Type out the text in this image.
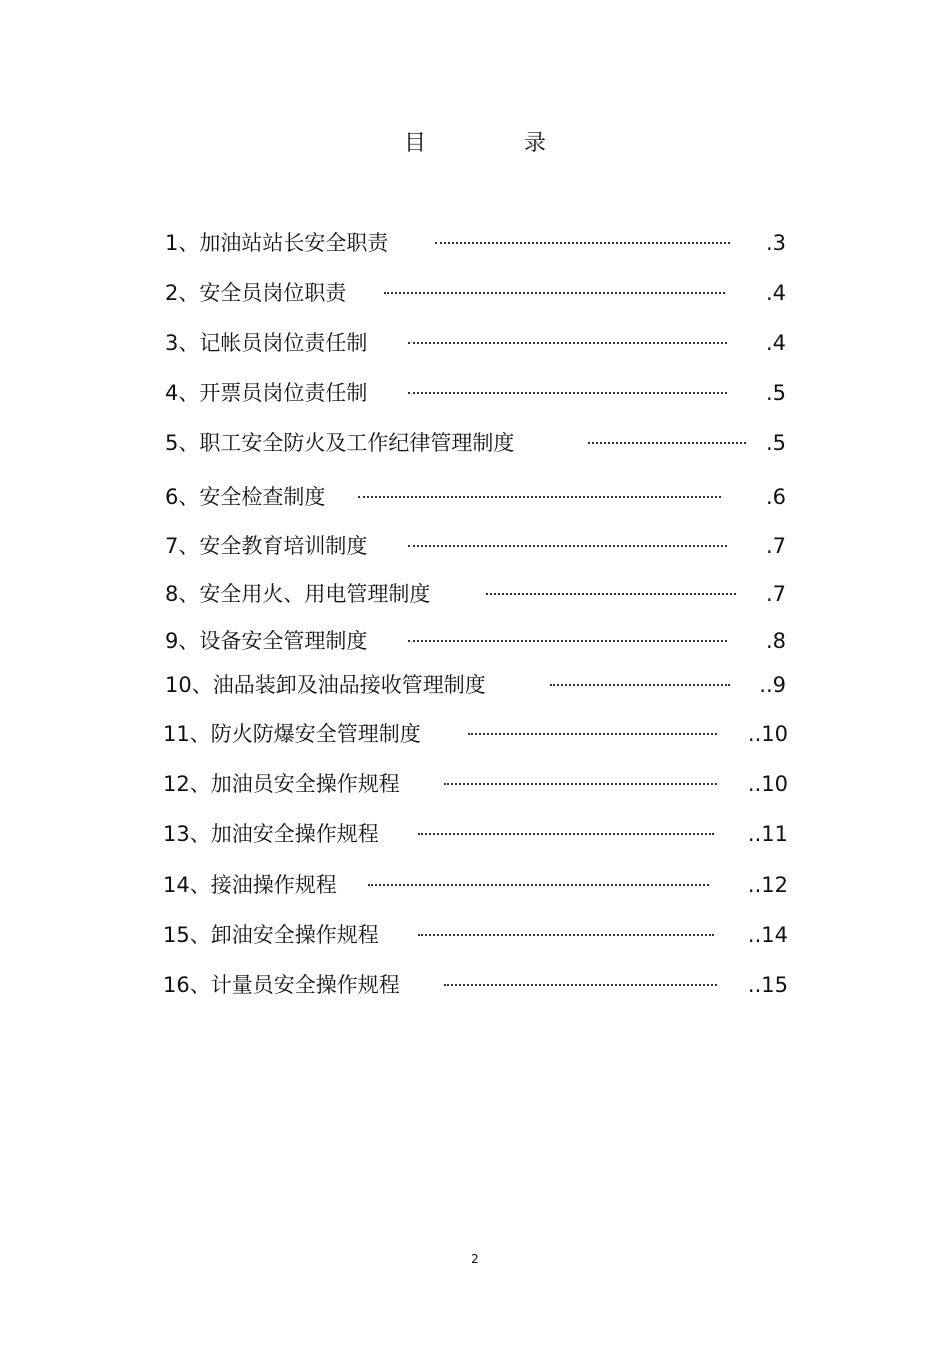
目　录
1、加油站站长安全职责	.3
2、安全员岗位职责	.4
3、记帐员岗位责任制	.4
4、开票员岗位责任制	.5
5、职工安全防火及工作纪律管理制度	.5
6、安全检查制度	.6
7、安全教育培训制度	.7
8、安全用火、用电管理制度	.7
9、设备安全管理制度	.8
10、油品装卸及油品接收管理制度	..9
11、防火防爆安全管理制度	..10
12、加油员安全操作规程	..10
13、加油安全操作规程	..11
14、接油操作规程	..12
15、卸油安全操作规程	..14
16、计量员安全操作规程	..15
2
